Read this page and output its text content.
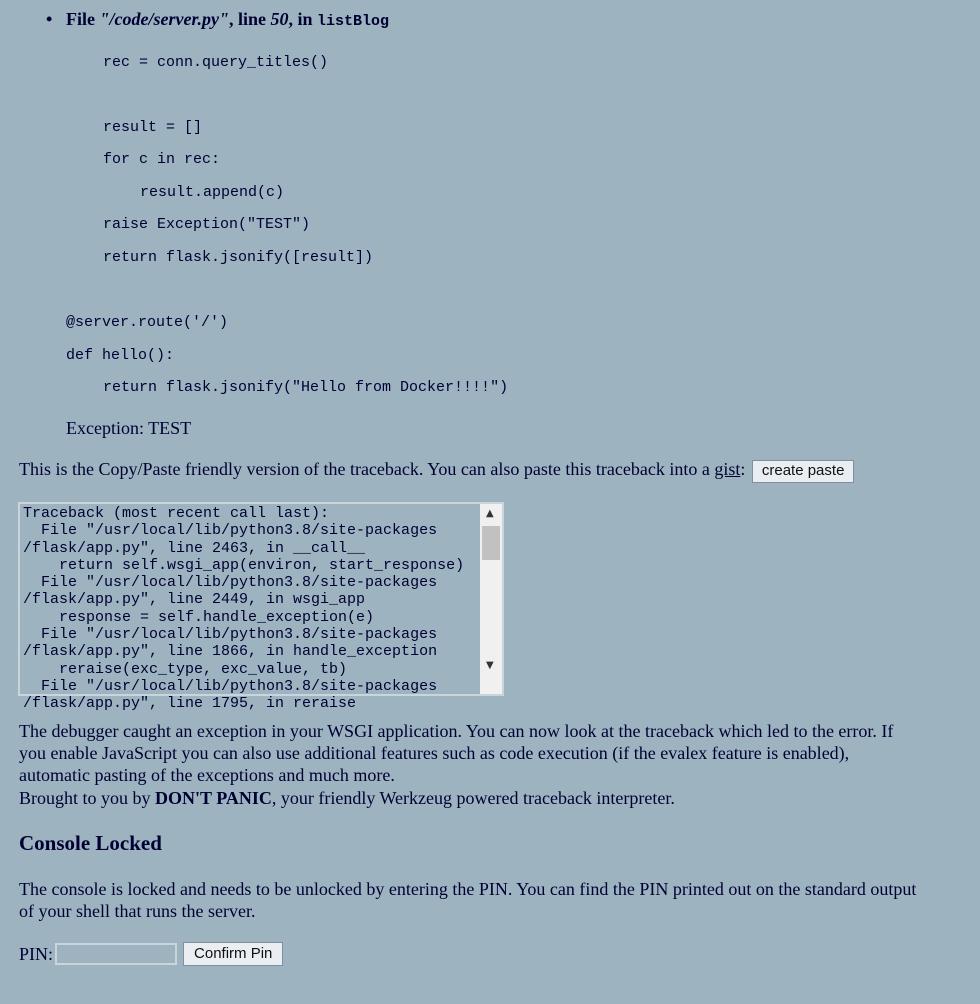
• File "/code/server.py", line 50, in listBlog
rec = conn.query_titles()
result = []
for c in rec:
result.append(c)
raise Exception("TEST")
return flask.jsonify([result])
@server.route('/')
def hello():
return flask.jsonify("Hello from Docker!!!!")
Exception: TEST
This is the Copy/Paste friendly version of the traceback. You can also paste this traceback into a gist: create paste
Traceback (most recent call last):
File "/usr/local/lib/python3.8/site-packages
/flask/app.py", line 2463, in __call__
return self.wsgi_app(environ, start_response)
File "/usr/local/lib/python3.8/site-packages
/flask/app.py", line 2449, in wsgi_app
response = self.handle_exception(e)
File "/usr/local/lib/python3.8/site-packages
/flask/app.py", line 1866, in handle_exception
reraise(exc_type, exc_value, tb)
File "/usr/local/lib/python3.8/site-packages
/flask/app.py", line 1795, in reraise
▲
▼
The debugger caught an exception in your WSGI application. You can now look at the traceback which led to the error. If
you enable JavaScript you can also use additional features such as code execution (if the evalex feature is enabled),
automatic pasting of the exceptions and much more.
Brought to you by DON'T PANIC, your friendly Werkzeug powered traceback interpreter.
Console Locked
The console is locked and needs to be unlocked by entering the PIN. You can find the PIN printed out on the standard output
of your shell that runs the server.
PIN:	Confirm Pin
